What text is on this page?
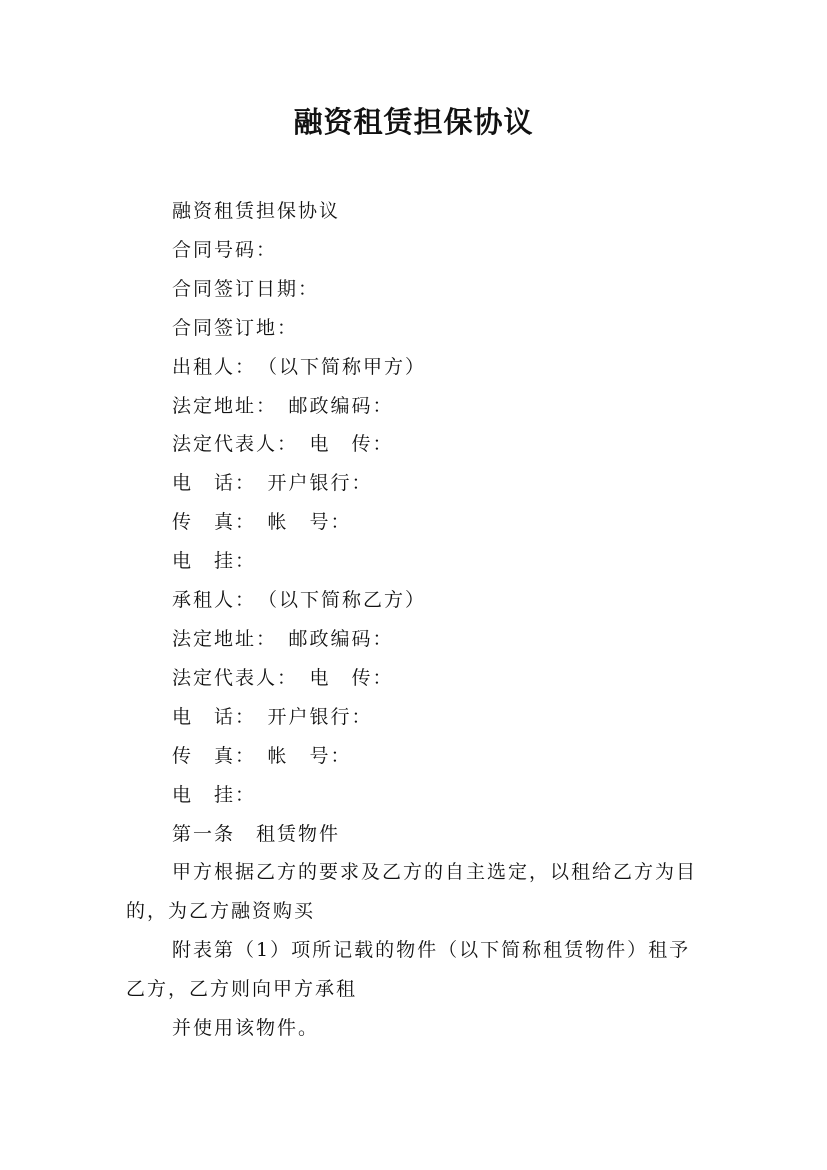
融资租赁担保协议

融资租赁担保协议

合同号码：

合同签订日期：

合同签订地：

出租人：　（以下简称甲方）

法定地址：　邮政编码：

法定代表人：　电　传：

电　话：　开户银行：

传　真：　帐　号：

电　挂：

承租人：　（以下简称乙方）

法定地址：　邮政编码：

法定代表人：　电　传：

电　话：　开户银行：

传　真：　帐　号：

电　挂：

第一条　租赁物件

甲方根据乙方的要求及乙方的自主选定，以租给乙方为目的，为乙方融资购买

附表第（1）项所记载的物件（以下简称租赁物件）租予乙方，乙方则向甲方承租

并使用该物件。
